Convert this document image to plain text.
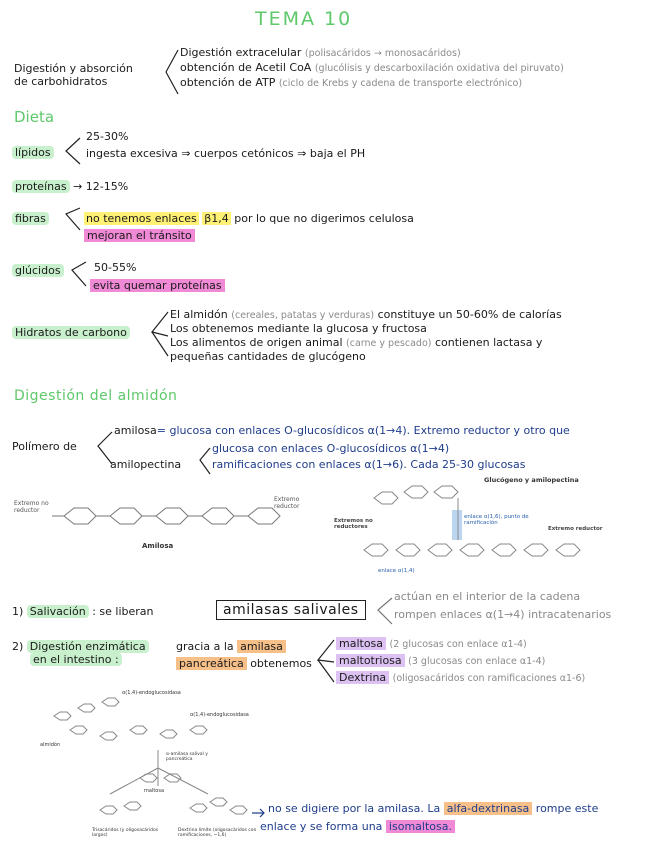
TEMA 10
Digestión y absorción
de carbohidratos
Digestión extracelular (polisacáridos → monosacáridos)
obtención de Acetil CoA (glucólisis y descarboxilación oxidativa del piruvato)
obtención de ATP (ciclo de Krebs y cadena de transporte electrónico)
Dieta
lípidos
25-30%
ingesta excesiva ⇒ cuerpos cetónicos ⇒ baja el PH
proteínas → 12-15%
fibras	no tenemos enlaces β1,4 por lo que no digerimos celulosa
mejoran el tránsito
glúcidos	50-55%
evita quemar proteínas
Hidratos de carbono
El almidón (cereales, patatas y verduras) constituye un 50-60% de calorías
Los obtenemos mediante la glucosa y fructosa
Los alimentos de origen animal (carne y pescado) contienen lactasa y
pequeñas cantidades de glucógeno
Digestión del almidón
Polímero de
amilosa= glucosa con enlaces O-glucosídicos α(1→4). Extremo reductor y otro que
amilopectina
glucosa con enlaces O-glucosídicos α(1→4)
ramificaciones con enlaces α(1→6). Cada 25-30 glucosas
Extremo no reductor
Extremo reductor
Amilosa
Glucógeno y amilopectina
enlace α(1,6), punto de ramificación
Extremos no reductores	Extremo reductor
enlace α(1,4)
1) Salivación : se liberan	amilasas salivales
actúan en el interior de la cadena
rompen enlaces α(1→4) intracatenarios
2) Digestión enzimática
en el intestino :
gracia a la amilasa
pancreática obtenemos
maltosa (2 glucosas con enlace α1-4)
maltotriosa (3 glucosas con enlace α1-4)
Dextrina (oligosacáridos con ramificaciones α1-6)
α(1,4)-endoglucosidasa
α(1,4)-endoglucosidasa
almidón
maltosa
Trisacáridos (y oligosacáridos largos)
Dextrina límite (oligosacáridos con ramificaciones, ~1,6)
α-amilasa salival y pancreática
no se digiere por la amilasa. La alfa-dextrinasa rompe este
enlace y se forma una isomaltosa.
